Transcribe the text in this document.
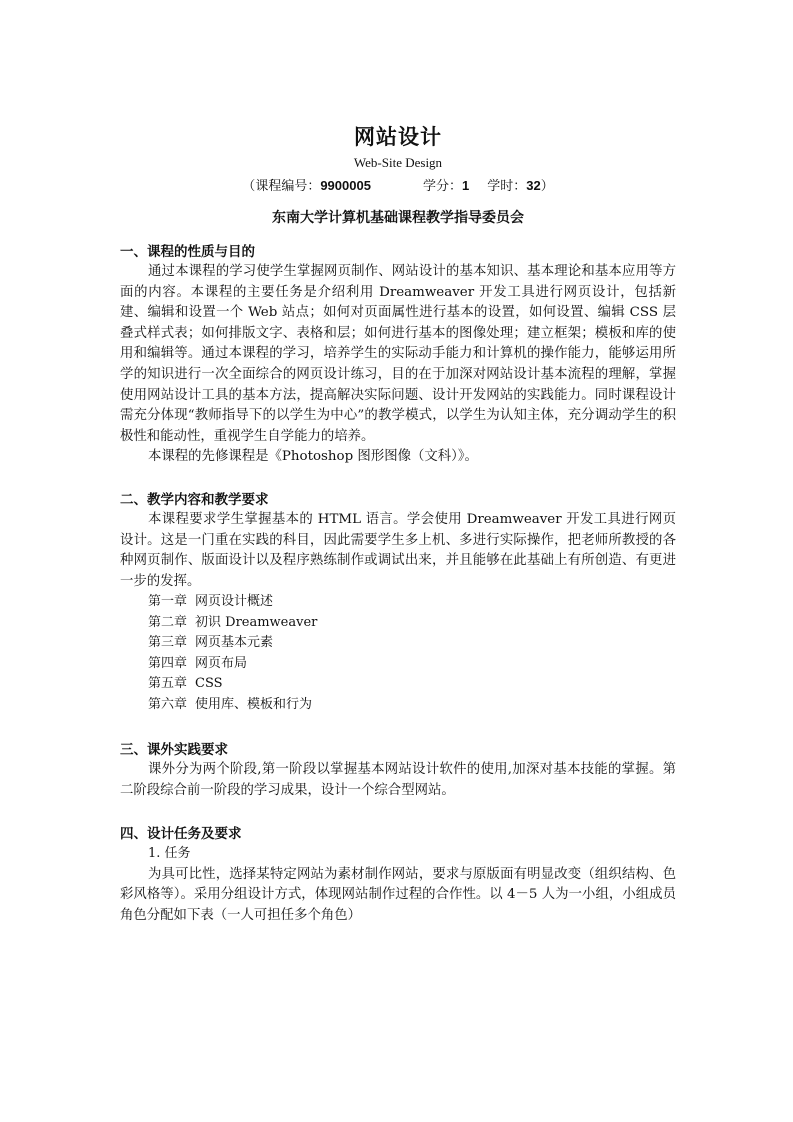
网站设计
Web-Site Design
（课程编号：9900005	学分：1 学时：32）
东南大学计算机基础课程教学指导委员会
一、课程的性质与目的

通过本课程的学习使学生掌握网页制作、网站设计的基本知识、基本理论和基本应用等方面的内容。本课程的主要任务是介绍利用 Dreamweaver 开发工具进行网页设计，包括新建、编辑和设置一个 Web 站点；如何对页面属性进行基本的设置，如何设置、编辑 CSS 层叠式样式表；如何排版文字、表格和层；如何进行基本的图像处理；建立框架；模板和库的使用和编辑等。通过本课程的学习，培养学生的实际动手能力和计算机的操作能力，能够运用所学的知识进行一次全面综合的网页设计练习，目的在于加深对网站设计基本流程的理解，掌握使用网站设计工具的基本方法，提高解决实际问题、设计开发网站的实践能力。同时课程设计需充分体现“教师指导下的以学生为中心”的教学模式，以学生为认知主体，充分调动学生的积极性和能动性，重视学生自学能力的培养。

本课程的先修课程是《Photoshop 图形图像（文科）》。

二、教学内容和教学要求

本课程要求学生掌握基本的 HTML 语言。学会使用 Dreamweaver 开发工具进行网页设计。这是一门重在实践的科目，因此需要学生多上机、多进行实际操作，把老师所教授的各种网页制作、版面设计以及程序熟练制作或调试出来，并且能够在此基础上有所创造、有更进一步的发挥。

第一章 网页设计概述
第二章 初识 Dreamweaver
第三章 网页基本元素
第四章 网页布局
第五章 CSS
第六章 使用库、模板和行为
三、课外实践要求

课外分为两个阶段,第一阶段以掌握基本网站设计软件的使用,加深对基本技能的掌握。第二阶段综合前一阶段的学习成果，设计一个综合型网站。

四、设计任务及要求
1. 任务

为具可比性，选择某特定网站为素材制作网站，要求与原版面有明显改变（组织结构、色彩风格等）。采用分组设计方式，体现网站制作过程的合作性。以 4－5 人为一小组，小组成员角色分配如下表（一人可担任多个角色）
